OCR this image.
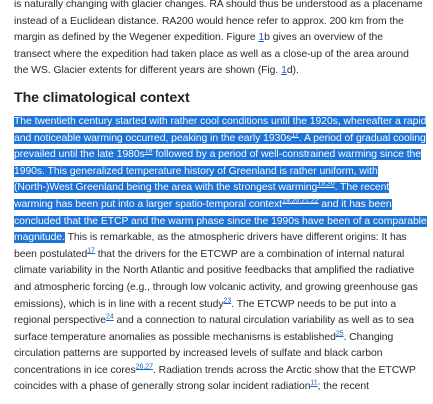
is naturally changing with glacier changes. RA should thus be understood as a placename
instead of a Euclidean distance. RA200 would hence refer to approx. 200 km from the
margin as defined by the Wegener expedition. Figure 1b gives an overview of the
transect where the expedition had taken place as well as a close-up of the area around
the WS. Glacier extents for different years are shown (Fig. 1d).

The climatological context

The twentieth century started with rather cool conditions until the 1920s, whereafter a rapid and noticeable warming occurred, peaking in the early 1930s$^{17}$. A period of gradual cooling prevailed until the late 1980s$^{18}$ followed by a period of well-constrained warming since the 1990s. This generalized temperature history of Greenland is rather uniform, with (North-)West Greenland being the area with the strongest warming$^{19,20}$. The recent warming has been put into a larger spatio-temporal context$^{19,20,21,22}$ and it has been concluded that the ETCP and the warm phase since the 1990s have been of a comparable magnitude. This is remarkable, as the atmospheric drivers have different origins: It has been postulated$^{17}$ that the drivers for the ETCWP are a combination of internal natural climate variability in the North Atlantic and positive feedbacks that amplified the radiative and atmospheric forcing (e.g., through low volcanic activity, and growing greenhouse gas emissions), which is in line with a recent study$^{23}$. The ETCWP needs to be put into a regional perspective$^{24}$ and a connection to natural circulation variability as well as to sea surface temperature anomalies as possible mechanisms is established$^{25}$. Changing circulation patterns are supported by increased levels of sulfate and black carbon concentrations in ice cores$^{26,27}$. Radiation trends across the Arctic show that the ETCWP coincides with a phase of generally strong solar incident radiation$^{11}$; the recent
